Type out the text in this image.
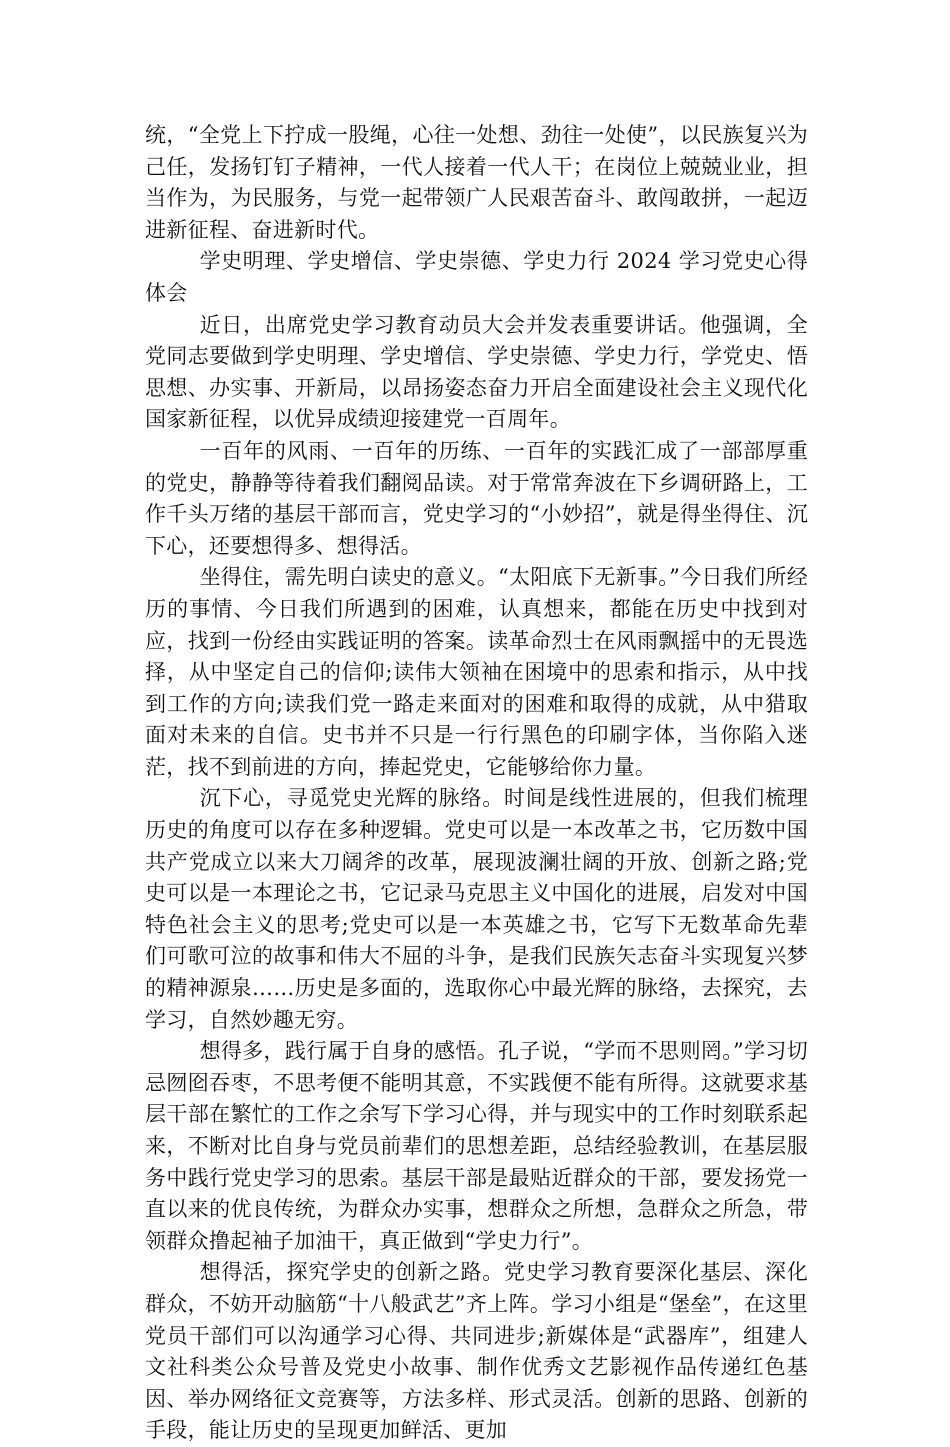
统，“全党上下拧成一股绳，心往一处想、劲往一处使”，以民族复兴为己任，发扬钉钉子精神，一代人接着一代人干；在岗位上兢兢业业，担当作为，为民服务，与党一起带领广人民艰苦奋斗、敢闯敢拼，一起迈进新征程、奋进新时代。

学史明理、学史增信、学史崇德、学史力行 2024 学习党史心得体会

近日，出席党史学习教育动员大会并发表重要讲话。他强调，全党同志要做到学史明理、学史增信、学史崇德、学史力行，学党史、悟思想、办实事、开新局，以昂扬姿态奋力开启全面建设社会主义现代化国家新征程，以优异成绩迎接建党一百周年。

一百年的风雨、一百年的历练、一百年的实践汇成了一部部厚重的党史，静静等待着我们翻阅品读。对于常常奔波在下乡调研路上，工作千头万绪的基层干部而言，党史学习的“小妙招”，就是得坐得住、沉下心，还要想得多、想得活。

坐得住，需先明白读史的意义。“太阳底下无新事。”今日我们所经历的事情、今日我们所遇到的困难，认真想来，都能在历史中找到对应，找到一份经由实践证明的答案。读革命烈士在风雨飘摇中的无畏选择，从中坚定自己的信仰;读伟大领袖在困境中的思索和指示，从中找到工作的方向;读我们党一路走来面对的困难和取得的成就，从中猎取面对未来的自信。史书并不只是一行行黑色的印刷字体，当你陷入迷茫，找不到前进的方向，捧起党史，它能够给你力量。

沉下心，寻觅党史光辉的脉络。时间是线性进展的，但我们梳理历史的角度可以存在多种逻辑。党史可以是一本改革之书，它历数中国共产党成立以来大刀阔斧的改革，展现波澜壮阔的开放、创新之路;党史可以是一本理论之书，它记录马克思主义中国化的进展，启发对中国特色社会主义的思考;党史可以是一本英雄之书，它写下无数革命先辈们可歌可泣的故事和伟大不屈的斗争，是我们民族矢志奋斗实现复兴梦的精神源泉……历史是多面的，选取你心中最光辉的脉络，去探究，去学习，自然妙趣无穷。

想得多，践行属于自身的感悟。孔子说，“学而不思则罔。”学习切忌囫囵吞枣，不思考便不能明其意，不实践便不能有所得。这就要求基层干部在繁忙的工作之余写下学习心得，并与现实中的工作时刻联系起来，不断对比自身与党员前辈们的思想差距，总结经验教训，在基层服务中践行党史学习的思索。基层干部是最贴近群众的干部，要发扬党一直以来的优良传统，为群众办实事，想群众之所想，急群众之所急，带领群众撸起袖子加油干，真正做到“学史力行”。

想得活，探究学史的创新之路。党史学习教育要深化基层、深化群众，不妨开动脑筋“十八般武艺”齐上阵。学习小组是“堡垒”，在这里党员干部们可以沟通学习心得、共同进步;新媒体是“武器库”，组建人文社科类公众号普及党史小故事、制作优秀文艺影视作品传递红色基因、举办网络征文竞赛等，方法多样、形式灵活。创新的思路、创新的手段，能让历史的呈现更加鲜活、更加
